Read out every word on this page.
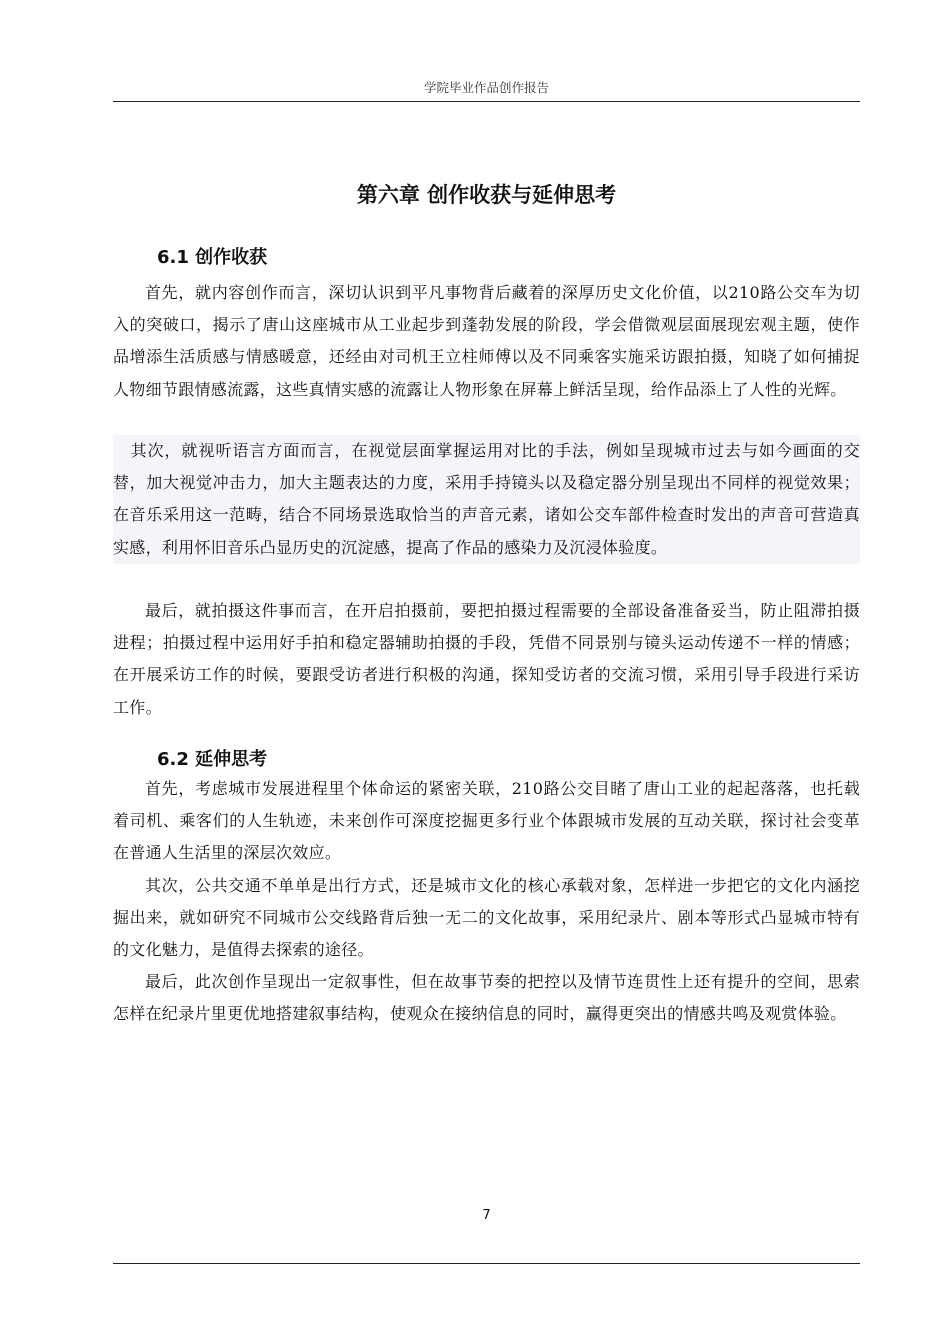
学院毕业作品创作报告
第六章 创作收获与延伸思考
6.1 创作收获

首先，就内容创作而言，深切认识到平凡事物背后藏着的深厚历史文化价值，以210路公交车为切入的突破口，揭示了唐山这座城市从工业起步到蓬勃发展的阶段，学会借微观层面展现宏观主题，使作品增添生活质感与情感暖意，还经由对司机王立柱师傅以及不同乘客实施采访跟拍摄，知晓了如何捕捉人物细节跟情感流露，这些真情实感的流露让人物形象在屏幕上鲜活呈现，给作品添上了人性的光辉。

其次，就视听语言方面而言，在视觉层面掌握运用对比的手法，例如呈现城市过去与如今画面的交替，加大视觉冲击力，加大主题表达的力度，采用手持镜头以及稳定器分别呈现出不同样的视觉效果；在音乐采用这一范畴，结合不同场景选取恰当的声音元素，诸如公交车部件检查时发出的声音可营造真实感，利用怀旧音乐凸显历史的沉淀感，提高了作品的感染力及沉浸体验度。

最后，就拍摄这件事而言，在开启拍摄前，要把拍摄过程需要的全部设备准备妥当，防止阻滞拍摄进程；拍摄过程中运用好手拍和稳定器辅助拍摄的手段，凭借不同景别与镜头运动传递不一样的情感；在开展采访工作的时候，要跟受访者进行积极的沟通，探知受访者的交流习惯，采用引导手段进行采访工作。

6.2 延伸思考

首先，考虑城市发展进程里个体命运的紧密关联，210路公交目睹了唐山工业的起起落落，也托载着司机、乘客们的人生轨迹，未来创作可深度挖掘更多行业个体跟城市发展的互动关联，探讨社会变革在普通人生活里的深层次效应。

其次，公共交通不单单是出行方式，还是城市文化的核心承载对象，怎样进一步把它的文化内涵挖掘出来，就如研究不同城市公交线路背后独一无二的文化故事，采用纪录片、剧本等形式凸显城市特有的文化魅力，是值得去探索的途径。

最后，此次创作呈现出一定叙事性，但在故事节奏的把控以及情节连贯性上还有提升的空间，思索怎样在纪录片里更优地搭建叙事结构，使观众在接纳信息的同时，赢得更突出的情感共鸣及观赏体验。

7
